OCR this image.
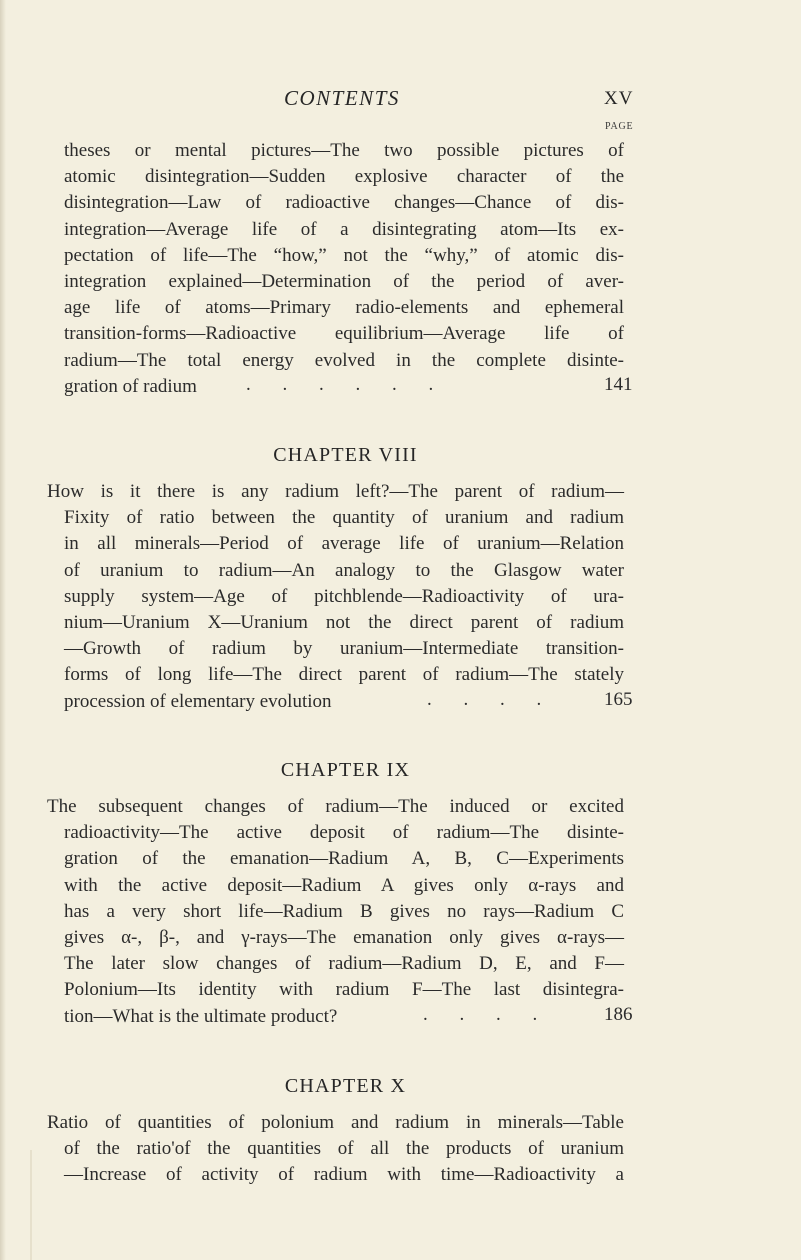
CONTENTS	XV
PAGE
theses or mental pictures—The two possible pictures of
atomic disintegration—Sudden explosive character of the
disintegration—Law of radioactive changes—Chance of dis-
integration—Average life of a disintegrating atom—Its ex-
pectation of life—The “how,” not the “why,” of atomic dis-
integration explained—Determination of the period of aver-
age life of atoms—Primary radio-elements and ephemeral
transition-forms—Radioactive equilibrium—Average life of
radium—The total energy evolved in the complete disinte-
gration of radium	. . . . . .	141
CHAPTER VIII
How is it there is any radium left?—The parent of radium—
Fixity of ratio between the quantity of uranium and radium
in all minerals—Period of average life of uranium—Relation
of uranium to radium—An analogy to the Glasgow water
supply system—Age of pitchblende—Radioactivity of ura-
nium—Uranium X—Uranium not the direct parent of radium
—Growth of radium by uranium—Intermediate transition-
forms of long life—The direct parent of radium—The stately
procession of elementary evolution	. . . .	165
CHAPTER IX
The subsequent changes of radium—The induced or excited
radioactivity—The active deposit of radium—The disinte-
gration of the emanation—Radium A, B, C—Experiments
with the active deposit—Radium A gives only α-rays and
has a very short life—Radium B gives no rays—Radium C
gives α-, β-, and γ-rays—The emanation only gives α-rays—
The later slow changes of radium—Radium D, E, and F—
Polonium—Its identity with radium F—The last disintegra-
tion—What is the ultimate product?	. . . .	186
CHAPTER X
Ratio of quantities of polonium and radium in minerals—Table
of the ratio'of the quantities of all the products of uranium
—Increase of activity of radium with time—Radioactivity a
